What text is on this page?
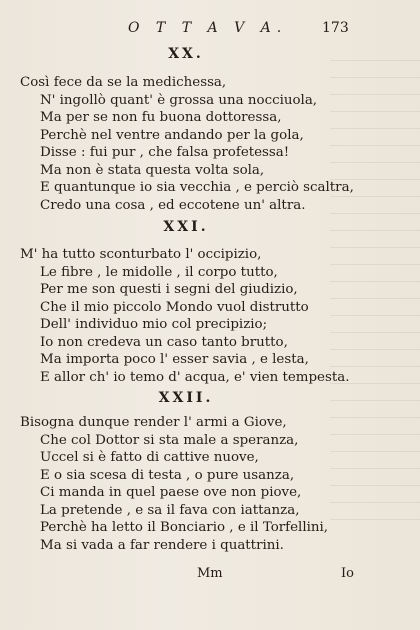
O T T A V A. 173
XX.
Così fece da se la medichessa,
N' ingollò quant' è grossa una nocciuola,
Ma per se non fu buona dottoressa,
Perchè nel ventre andando per la gola,
Disse : fui pur , che falsa profetessa!
Ma non è stata questa volta sola,
E quantunque io sia vecchia , e perciò scaltra,
Credo una cosa , ed eccotene un' altra.
XXI.
M' ha tutto sconturbato l' occipizio,
Le fibre , le midolle , il corpo tutto,
Per me son questi i segni del giudizio,
Che il mio piccolo Mondo vuol distrutto
Dell' individuo mio col precipizio;
Io non credeva un caso tanto brutto,
Ma importa poco l' esser savia , e lesta,
E allor ch' io temo d' acqua, e' vien tempesta.
XXII.
Bisogna dunque render l' armi a Giove,
Che col Dottor si sta male a speranza,
Uccel si è fatto di cattive nuove,
E o sia scesa di testa , o pure usanza,
Ci manda in quel paese ove non piove,
La pretende , e sa il fava con iattanza,
Perchè ha letto il Bonciario , e il Torfellini,
Ma si vada a far rendere i quattrini.
Mm	Io
